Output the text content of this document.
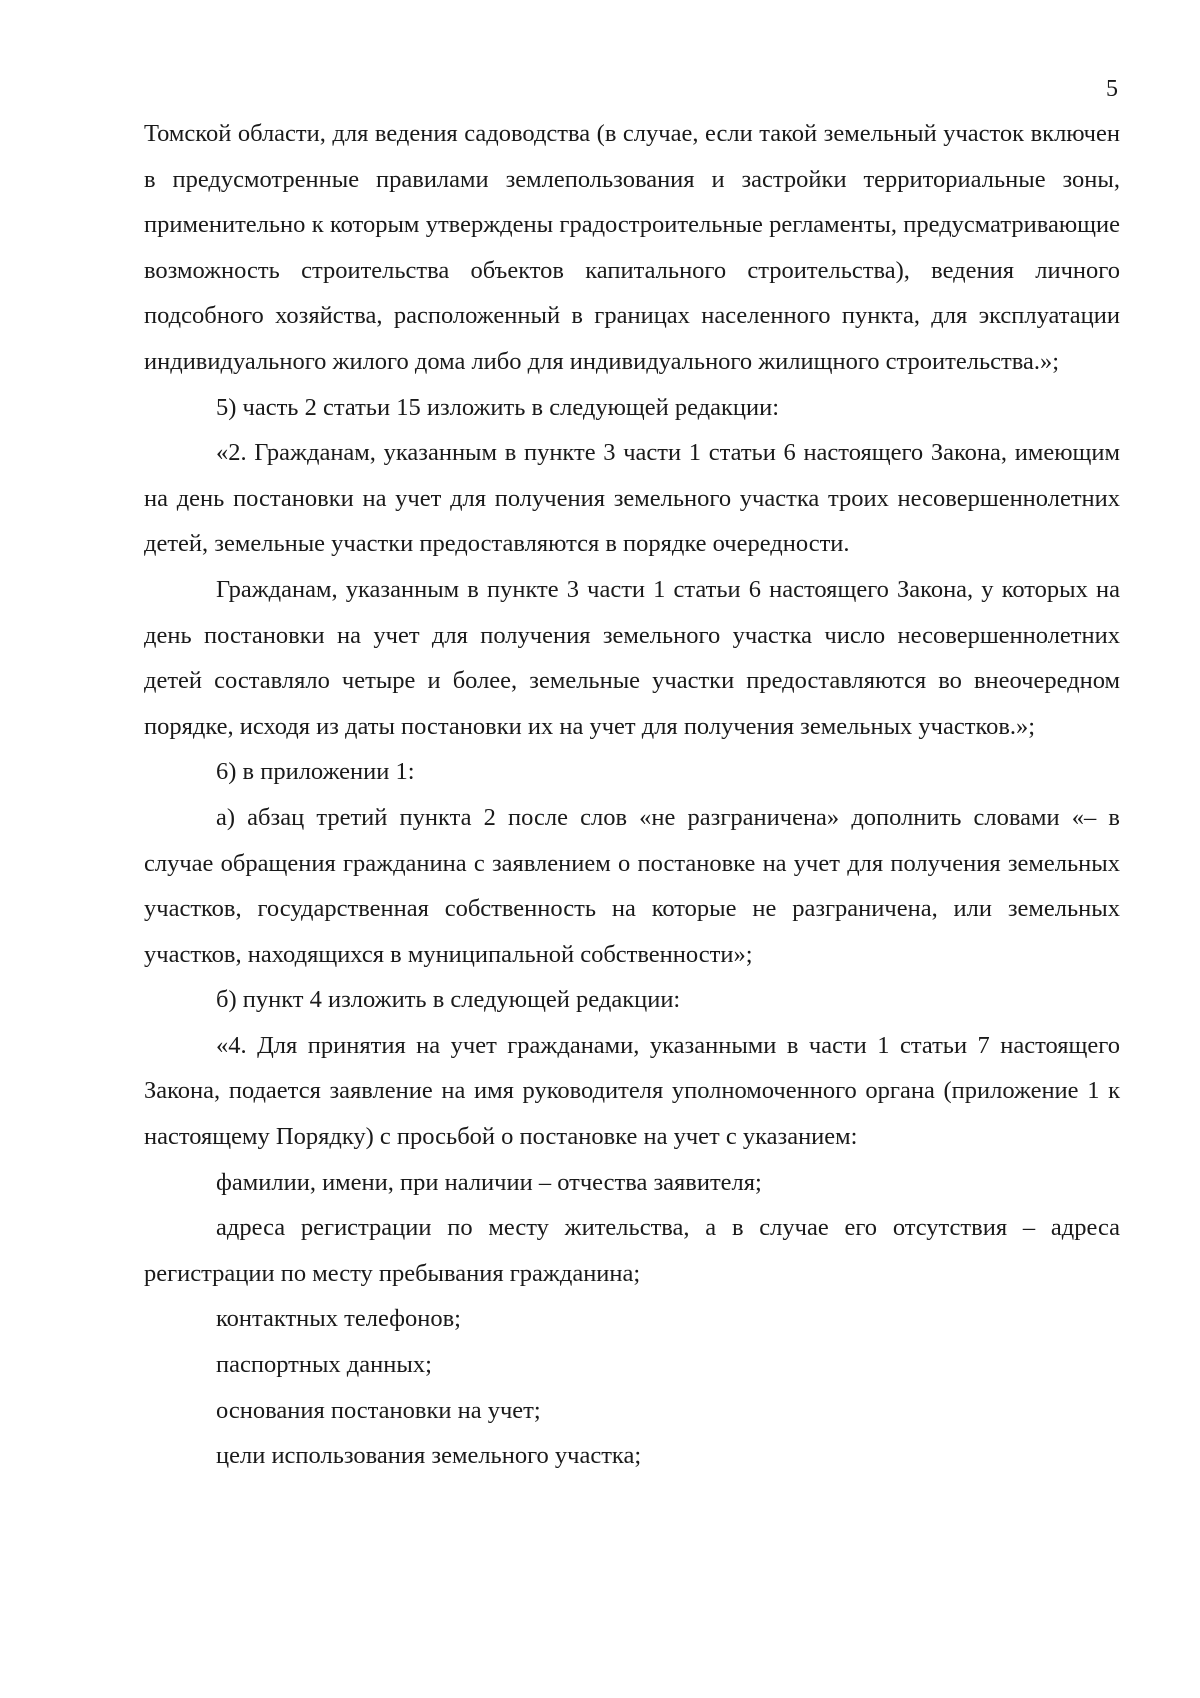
5

Томской области, для ведения садоводства (в случае, если такой земельный участок включен в предусмотренные правилами землепользования и застройки территориальные зоны, применительно к которым утверждены градостроительные регламенты, предусматривающие возможность строительства объектов капитального строительства), ведения личного подсобного хозяйства, расположенный в границах населенного пункта, для эксплуатации индивидуального жилого дома либо для индивидуального жилищного строительства.»;

5) часть 2 статьи 15 изложить в следующей редакции:

«2. Гражданам, указанным в пункте 3 части 1 статьи 6 настоящего Закона, имеющим на день постановки на учет для получения земельного участка троих несовершеннолетних детей, земельные участки предоставляются в порядке очередности.

Гражданам, указанным в пункте 3 части 1 статьи 6 настоящего Закона, у которых на день постановки на учет для получения земельного участка число несовершеннолетних детей составляло четыре и более, земельные участки предоставляются во внеочередном порядке, исходя из даты постановки их на учет для получения земельных участков.»;

6) в приложении 1:

а) абзац третий пункта 2 после слов «не разграничена» дополнить словами «– в случае обращения гражданина с заявлением о постановке на учет для получения земельных участков, государственная собственность на которые не разграничена, или земельных участков, находящихся в муниципальной собственности»;

б) пункт 4 изложить в следующей редакции:

«4. Для принятия на учет гражданами, указанными в части 1 статьи 7 настоящего Закона, подается заявление на имя руководителя уполномоченного органа (приложение 1 к настоящему Порядку) с просьбой о постановке на учет с указанием:

фамилии, имени, при наличии – отчества заявителя;

адреса регистрации по месту жительства, а в случае его отсутствия – адреса регистрации по месту пребывания гражданина;

контактных телефонов;

паспортных данных;

основания постановки на учет;

цели использования земельного участка;
